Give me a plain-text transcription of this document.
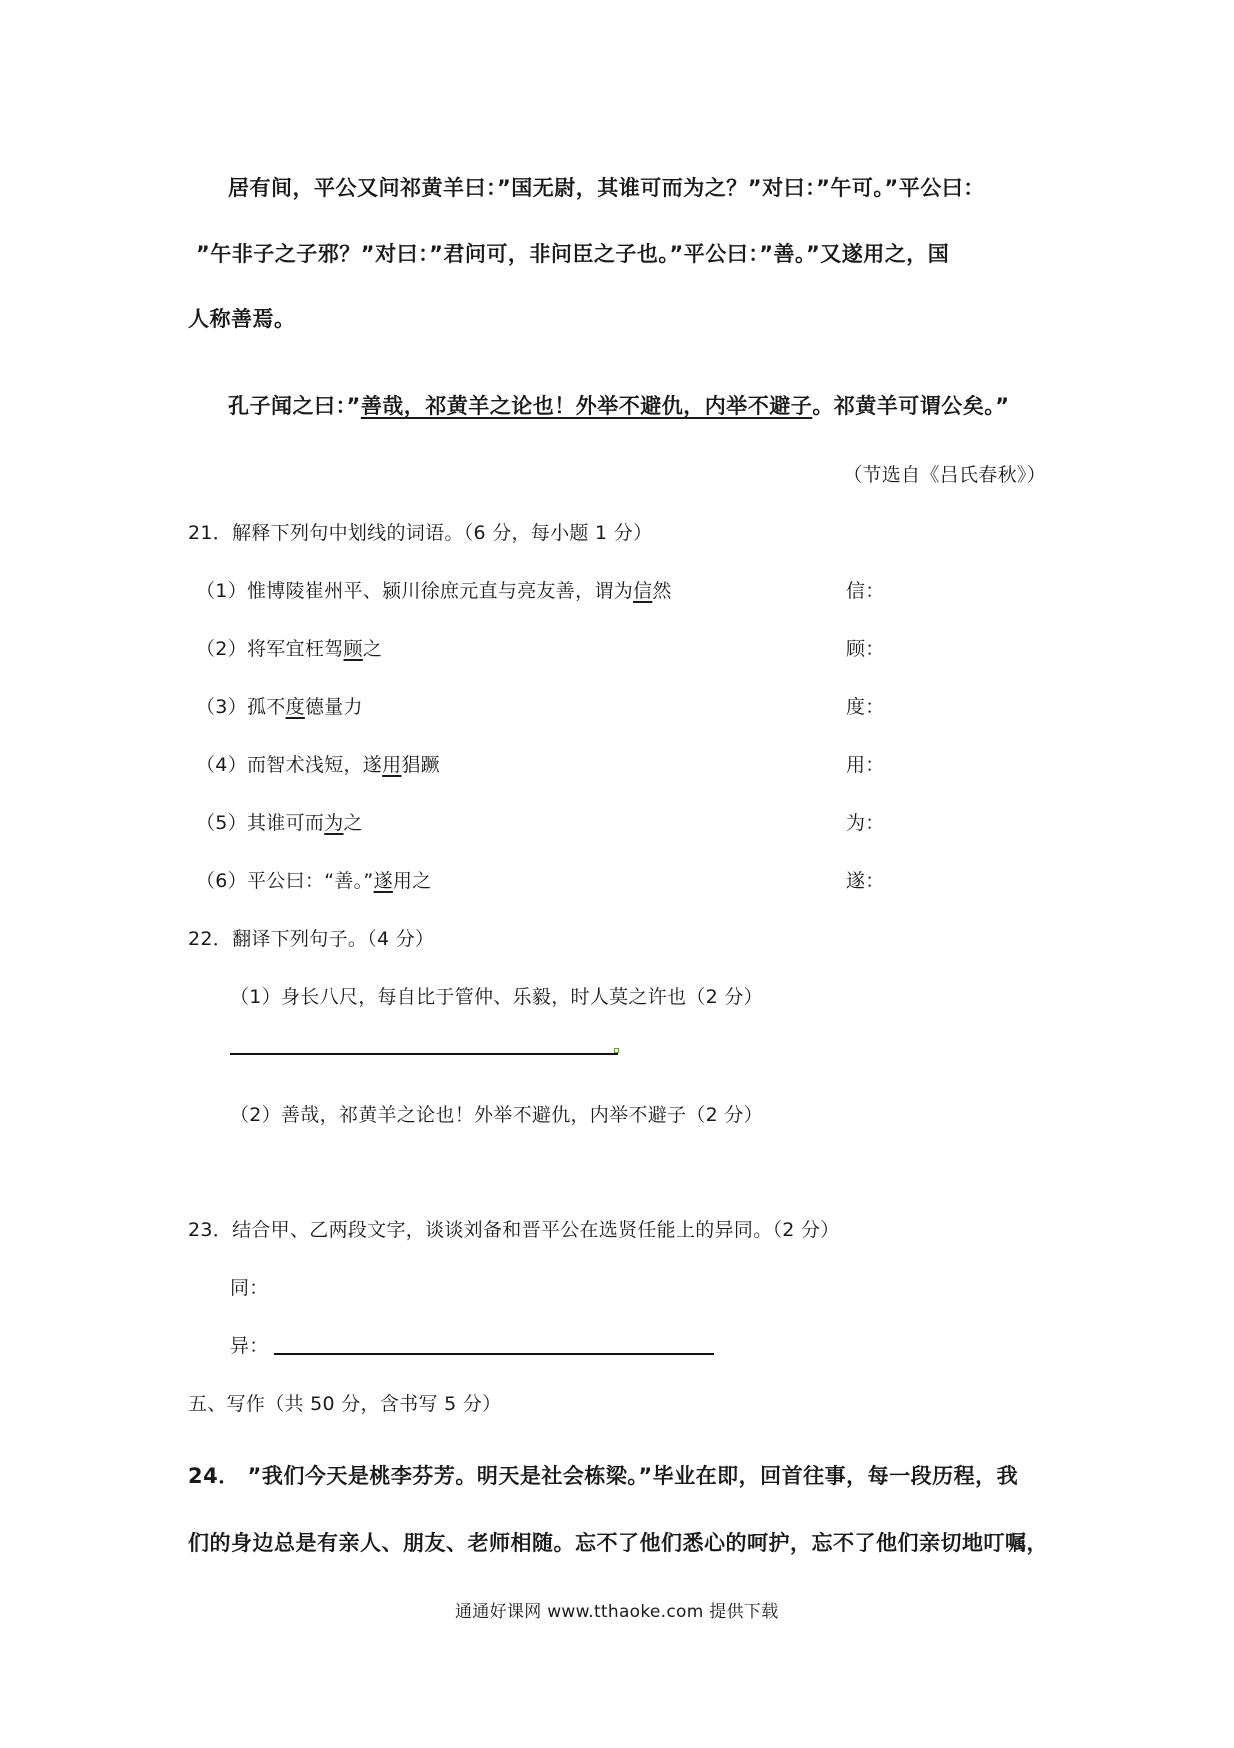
居有间，平公又问祁黄羊曰：”国无尉，其谁可而为之？”对曰：”午可。”平公曰：
”午非子之子邪？”对曰：”君问可，非问臣之子也。”平公曰：”善。”又遂用之，国
人称善焉。
孔子闻之曰：”善哉，祁黄羊之论也！外举不避仇，内举不避子。祁黄羊可谓公矣。”
（节选自《吕氏春秋》）
21．解释下列句中划线的词语。（6 分，每小题 1 分）
（1）惟博陵崔州平、颍川徐庶元直与亮友善，谓为信然	信：
（2）将军宜枉驾顾之	顾：
（3）孤不度德量力	度：
（4）而智术浅短，遂用猖蹶	用：
（5）其谁可而为之	为：
（6）平公曰：“善。”遂用之	遂：
22．翻译下列句子。（4 分）
（1）身长八尺，每自比于管仲、乐毅，时人莫之许也（2 分）
（2）善哉，祁黄羊之论也！外举不避仇，内举不避子（2 分）
23．结合甲、乙两段文字，谈谈刘备和晋平公在选贤任能上的异同。（2 分）
同：
异：
五、写作（共 50 分，含书写 5 分）
24． ”我们今天是桃李芬芳。明天是社会栋梁。”毕业在即，回首往事，每一段历程，我
们的身边总是有亲人、朋友、老师相随。忘不了他们悉心的呵护，忘不了他们亲切地叮嘱，
通通好课网 www.tthaoke.com 提供下载
